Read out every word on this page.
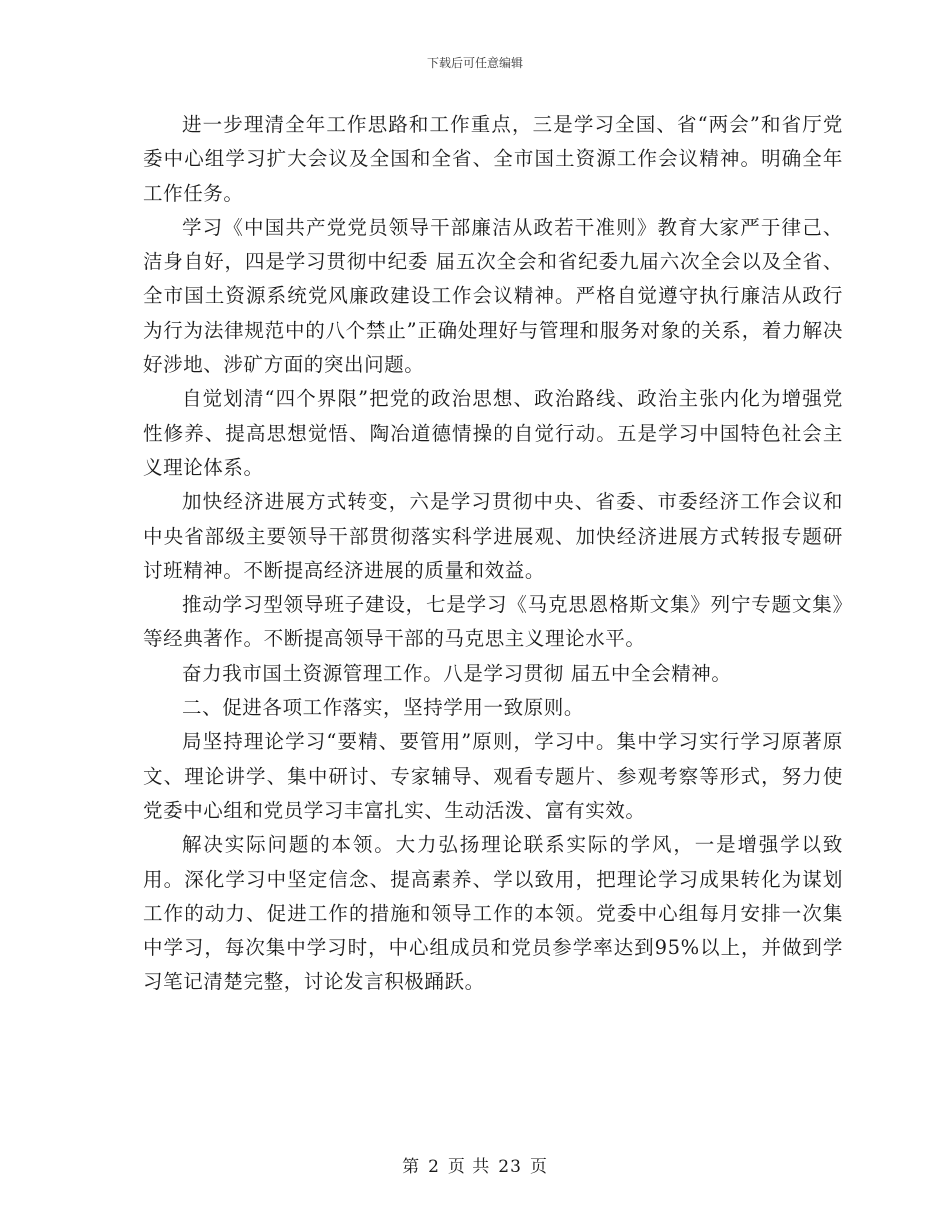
下载后可任意编辑

进一步理清全年工作思路和工作重点，三是学习全国、省“两会”和省厅党委中心组学习扩大会议及全国和全省、全市国土资源工作会议精神。明确全年工作任务。

学习《中国共产党党员领导干部廉洁从政若干准则》教育大家严于律己、洁身自好，四是学习贯彻中纪委 届五次全会和省纪委九届六次全会以及全省、全市国土资源系统党风廉政建设工作会议精神。严格自觉遵守执行廉洁从政行为行为法律规范中的八个禁止”正确处理好与管理和服务对象的关系，着力解决好涉地、涉矿方面的突出问题。

自觉划清“四个界限”把党的政治思想、政治路线、政治主张内化为增强党性修养、提高思想觉悟、陶冶道德情操的自觉行动。五是学习中国特色社会主义理论体系。

加快经济进展方式转变，六是学习贯彻中央、省委、市委经济工作会议和中央省部级主要领导干部贯彻落实科学进展观、加快经济进展方式转报专题研讨班精神。不断提高经济进展的质量和效益。

推动学习型领导班子建设，七是学习《马克思恩格斯文集》列宁专题文集》等经典著作。不断提高领导干部的马克思主义理论水平。

奋力我市国土资源管理工作。八是学习贯彻 届五中全会精神。

二、促进各项工作落实，坚持学用一致原则。

局坚持理论学习“要精、要管用”原则，学习中。集中学习实行学习原著原文、理论讲学、集中研讨、专家辅导、观看专题片、参观考察等形式，努力使党委中心组和党员学习丰富扎实、生动活泼、富有实效。

解决实际问题的本领。大力弘扬理论联系实际的学风，一是增强学以致用。深化学习中坚定信念、提高素养、学以致用，把理论学习成果转化为谋划工作的动力、促进工作的措施和领导工作的本领。党委中心组每月安排一次集中学习，每次集中学习时，中心组成员和党员参学率达到95%以上，并做到学习笔记清楚完整，讨论发言积极踊跃。

第 2 页 共 23 页
